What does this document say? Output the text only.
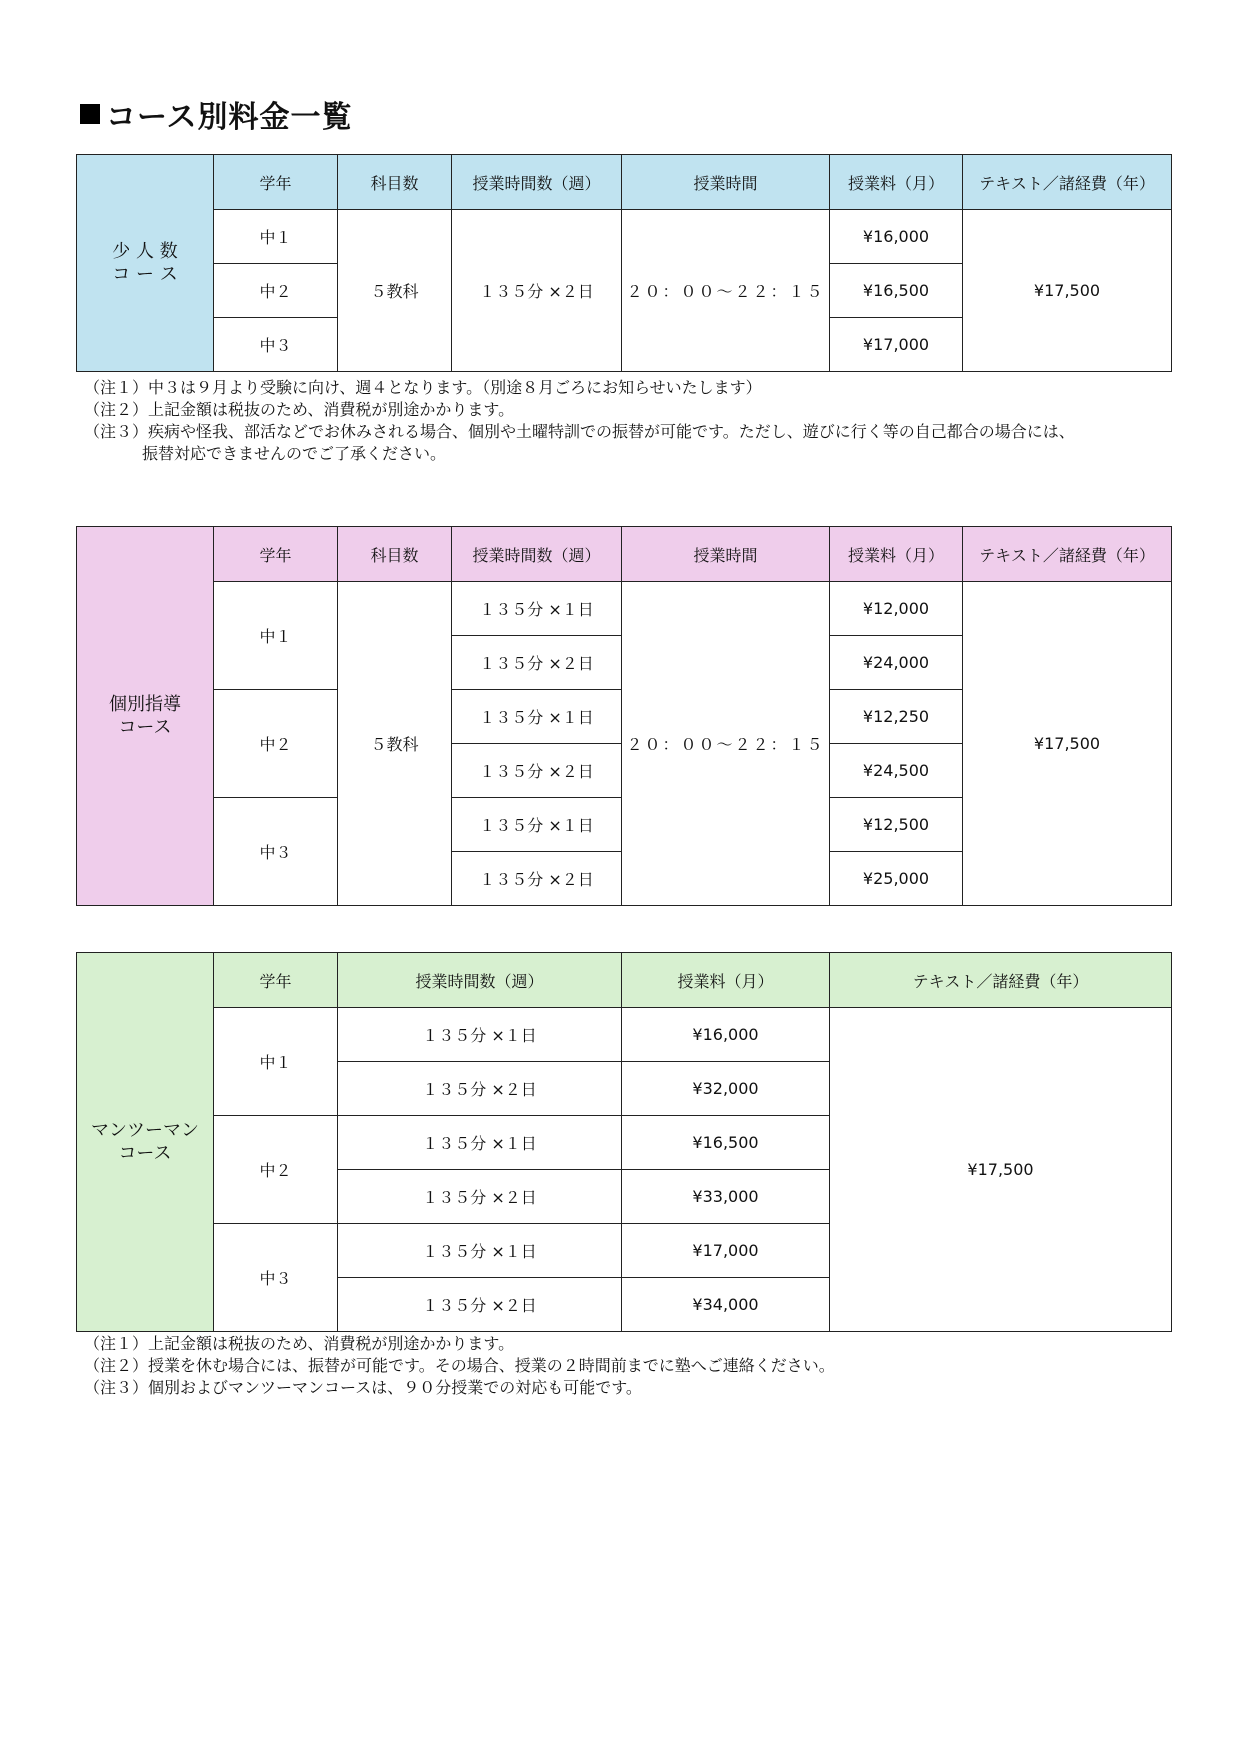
コース別料金一覧
少 人 数
コ ー ス	学年	科目数	授業時間数（週）	授業時間	授業料（月）	テキスト／諸経費（年）
	中１	５教科	１３５分 ×２日	２０：００～２２：１５	¥16,000	¥17,500
	中２				¥16,500	
	中３				¥17,000	
（注１）中３は９月より受験に向け、週４となります。（別途８月ごろにお知らせいたします）
（注２）上記金額は税抜のため、消費税が別途かかります。
（注３）疾病や怪我、部活などでお休みされる場合、個別や土曜特訓での振替が可能です。ただし、遊びに行く等の自己都合の場合には、
振替対応できませんのでご了承ください。
個別指導
コース	学年	科目数	授業時間数（週）	授業時間	授業料（月）	テキスト／諸経費（年）
	中１	５教科	１３５分 ×１日	２０：００～２２：１５	¥12,000	¥17,500
			１３５分 ×２日		¥24,000	
	中２		１３５分 ×１日		¥12,250	
			１３５分 ×２日		¥24,500	
	中３		１３５分 ×１日		¥12,500	
			１３５分 ×２日		¥25,000	
マンツーマン
コース	学年	授業時間数（週）	授業料（月）	テキスト／諸経費（年）
	中１	１３５分 ×１日	¥16,000	¥17,500
		１３５分 ×２日	¥32,000	
	中２	１３５分 ×１日	¥16,500	
		１３５分 ×２日	¥33,000	
	中３	１３５分 ×１日	¥17,000	
		１３５分 ×２日	¥34,000	
（注１）上記金額は税抜のため、消費税が別途かかります。
（注２）授業を休む場合には、振替が可能です。その場合、授業の２時間前までに塾へご連絡ください。
（注３）個別およびマンツーマンコースは、９０分授業での対応も可能です。
